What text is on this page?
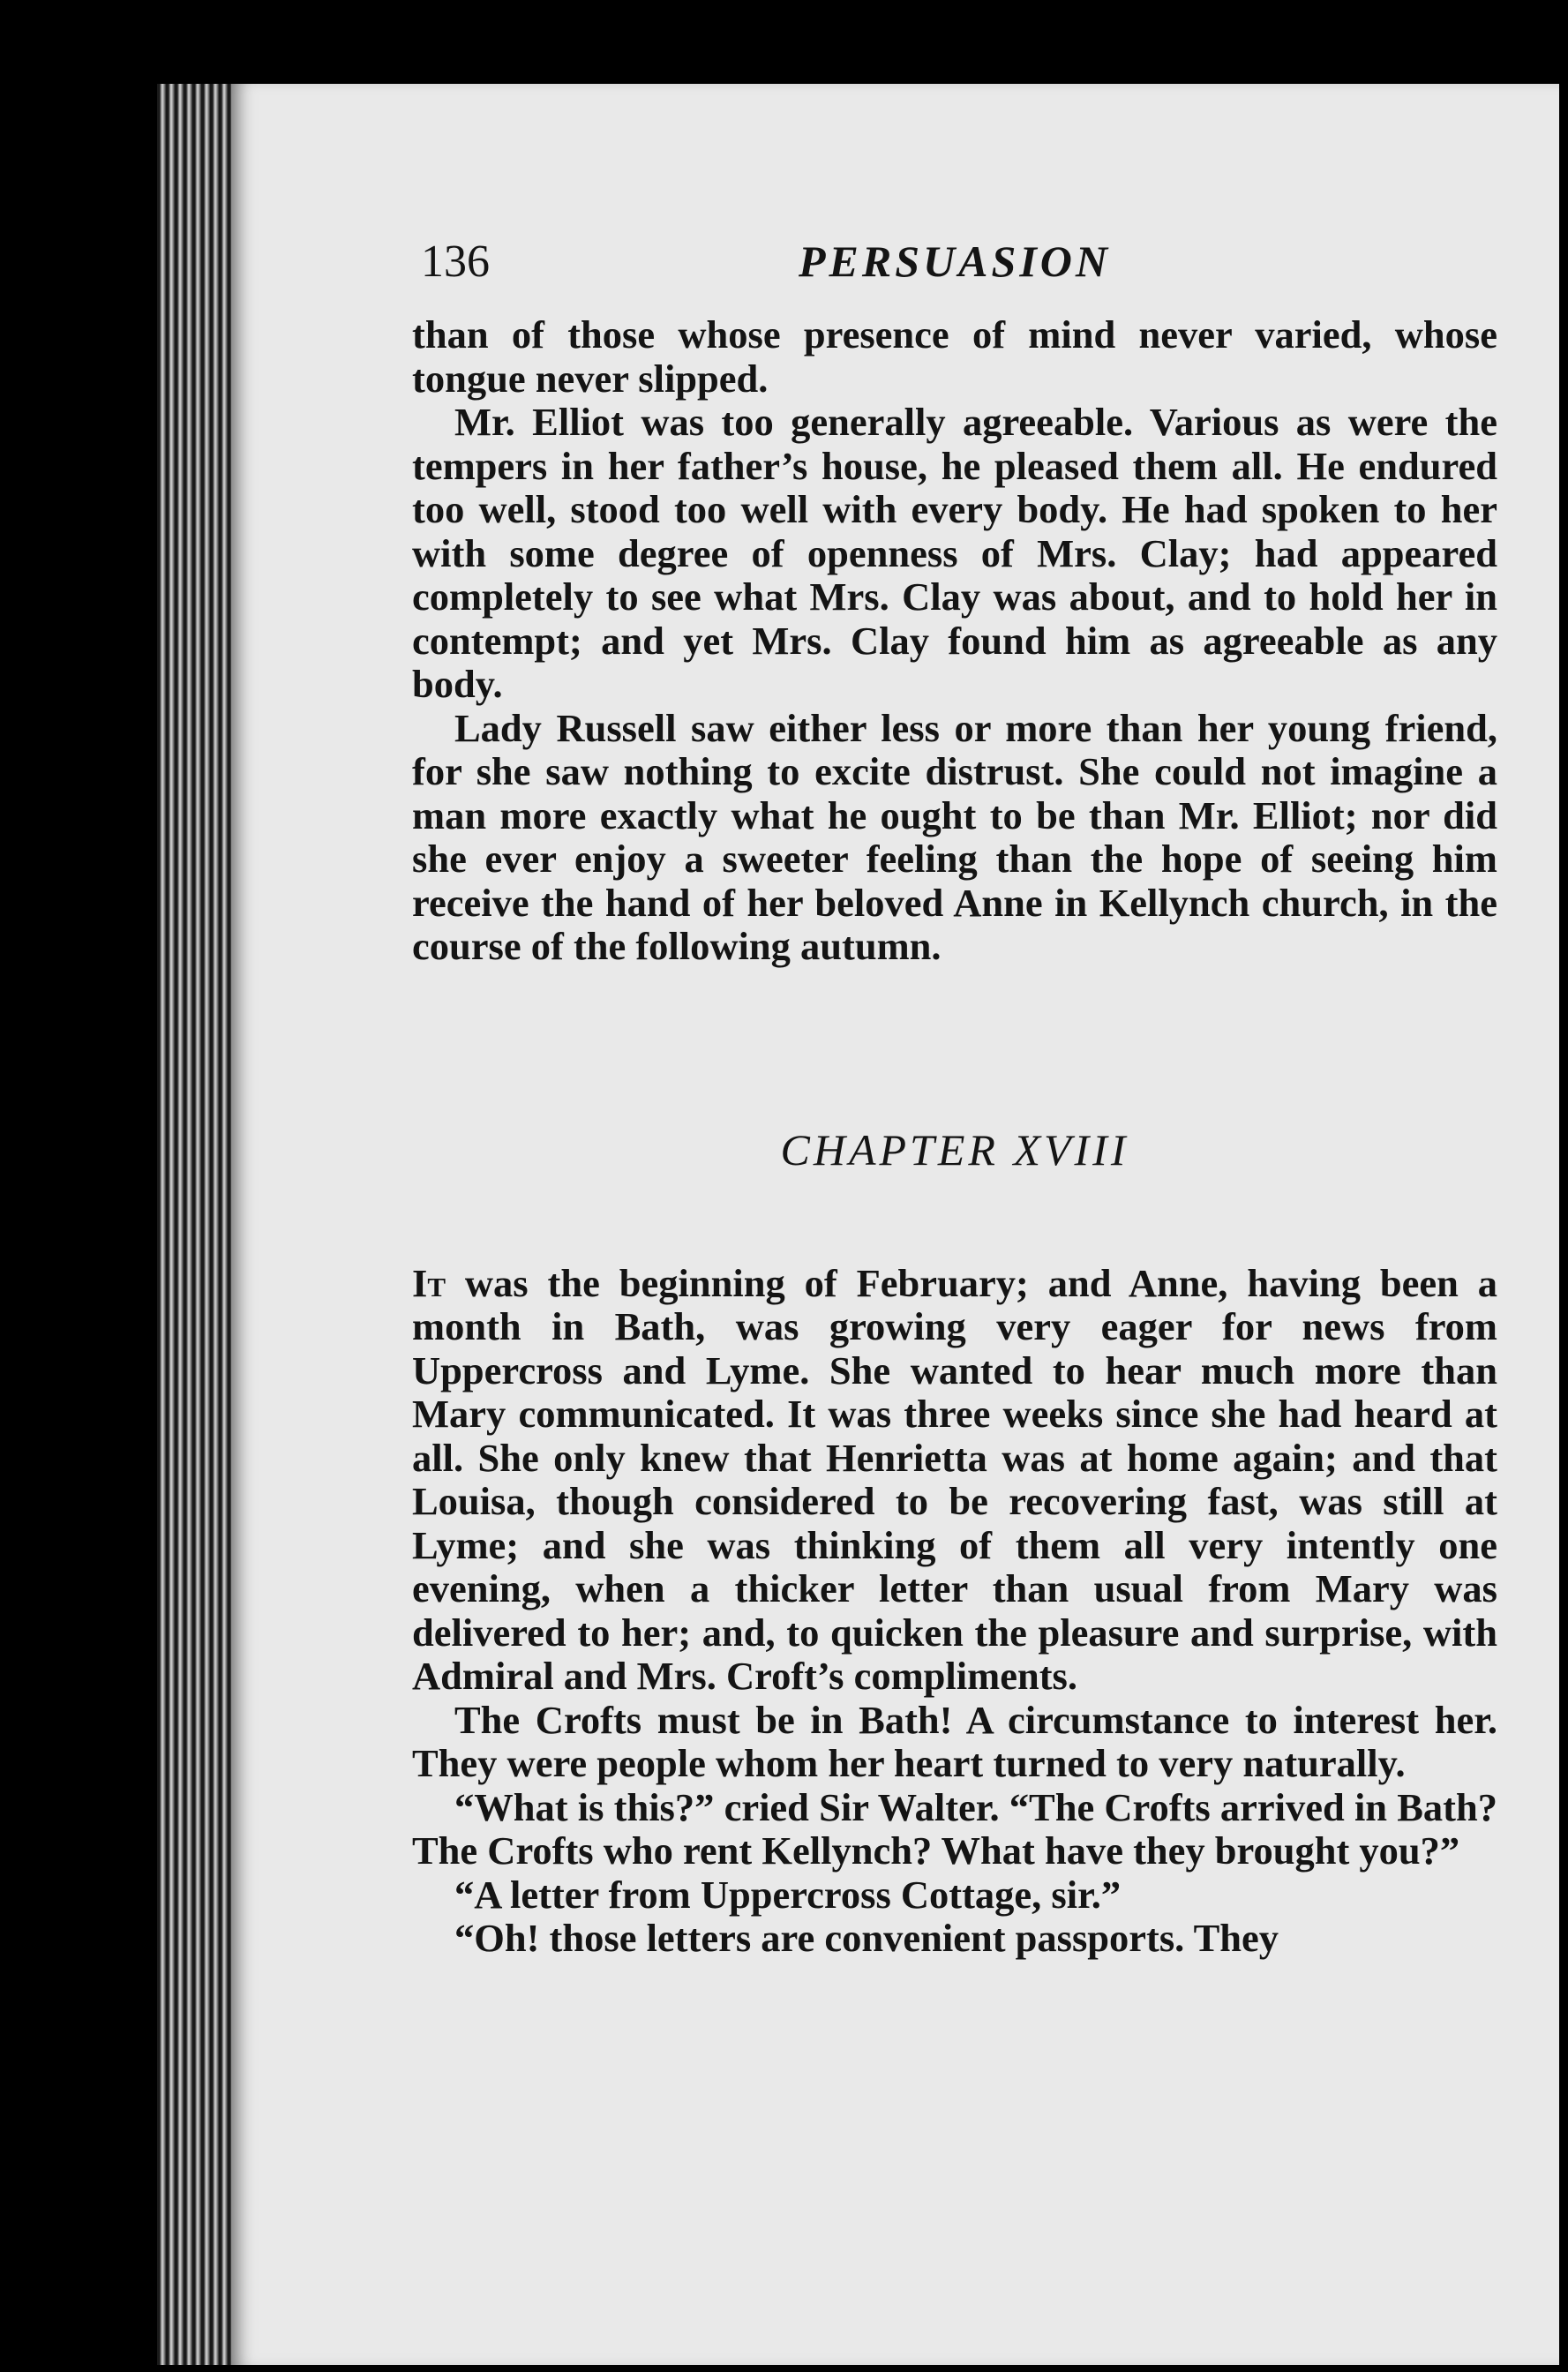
136	PERSUASION

than of those whose presence of mind never varied, whose tongue never slipped.

Mr. Elliot was too generally agreeable. Various as were the tempers in her father’s house, he pleased them all. He endured too well, stood too well with every body. He had spoken to her with some degree of openness of Mrs. Clay; had appeared completely to see what Mrs. Clay was about, and to hold her in contempt; and yet Mrs. Clay found him as agreeable as any body.

Lady Russell saw either less or more than her young friend, for she saw nothing to excite distrust. She could not imagine a man more exactly what he ought to be than Mr. Elliot; nor did she ever enjoy a sweeter feeling than the hope of seeing him receive the hand of her beloved Anne in Kellynch church, in the course of the following autumn.

CHAPTER XVIII

It was the beginning of February; and Anne, having been a month in Bath, was growing very eager for news from Uppercross and Lyme. She wanted to hear much more than Mary communicated. It was three weeks since she had heard at all. She only knew that Henrietta was at home again; and that Louisa, though considered to be recovering fast, was still at Lyme; and she was thinking of them all very intently one evening, when a thicker letter than usual from Mary was delivered to her; and, to quicken the pleasure and surprise, with Admiral and Mrs. Croft’s compliments.

The Crofts must be in Bath! A circumstance to interest her. They were people whom her heart turned to very naturally.

“What is this?” cried Sir Walter. “The Crofts arrived in Bath? The Crofts who rent Kellynch? What have they brought you?”

“A letter from Uppercross Cottage, sir.”

“Oh! those letters are convenient passports. They
